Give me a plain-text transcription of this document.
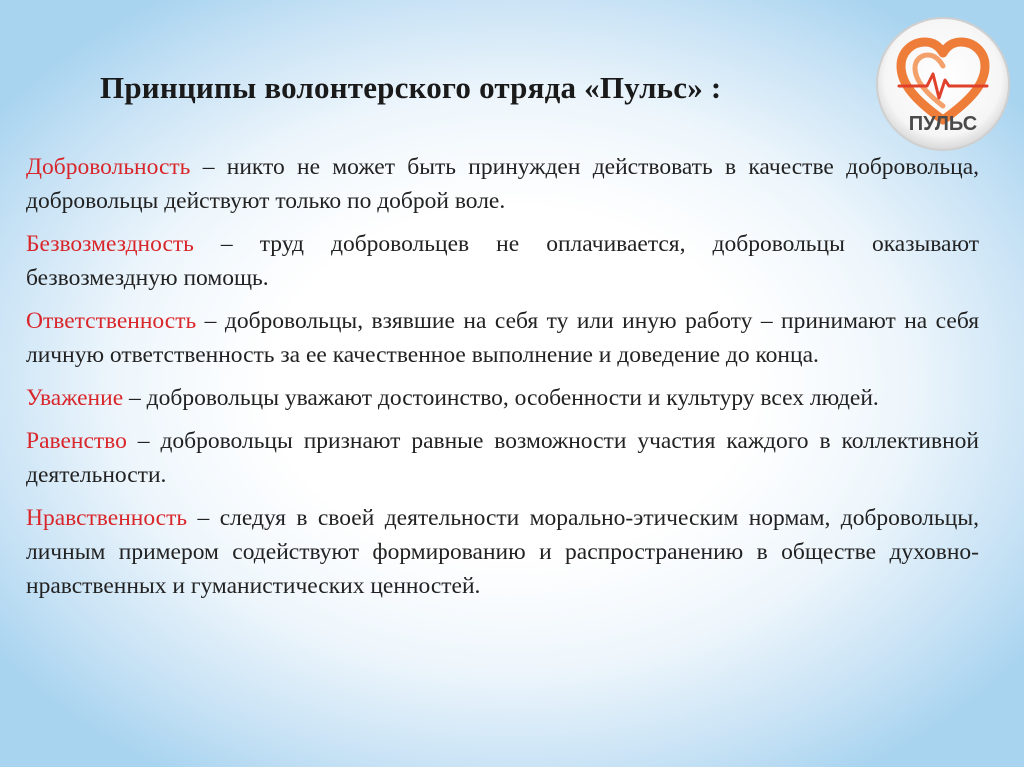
Принципы волонтерского отряда «Пульс» :
ПУЛЬС

Добровольность – никто не может быть принужден действовать в качестве добровольца, добровольцы действуют только по доброй воле.

Безвозмездность – труд добровольцев не оплачивается, добровольцы оказывают безвозмездную помощь.

Ответственность – добровольцы, взявшие на себя ту или иную работу – принимают на себя личную ответственность за ее качественное выполнение и доведение до конца.

Уважение – добровольцы уважают достоинство, особенности и культуру всех людей.

Равенство – добровольцы признают равные возможности участия каждого в коллективной деятельности.

Нравственность – следуя в своей деятельности морально-этическим нормам, добровольцы, личным примером содействуют формированию и распространению в обществе духовно-нравственных и гуманистических ценностей.
